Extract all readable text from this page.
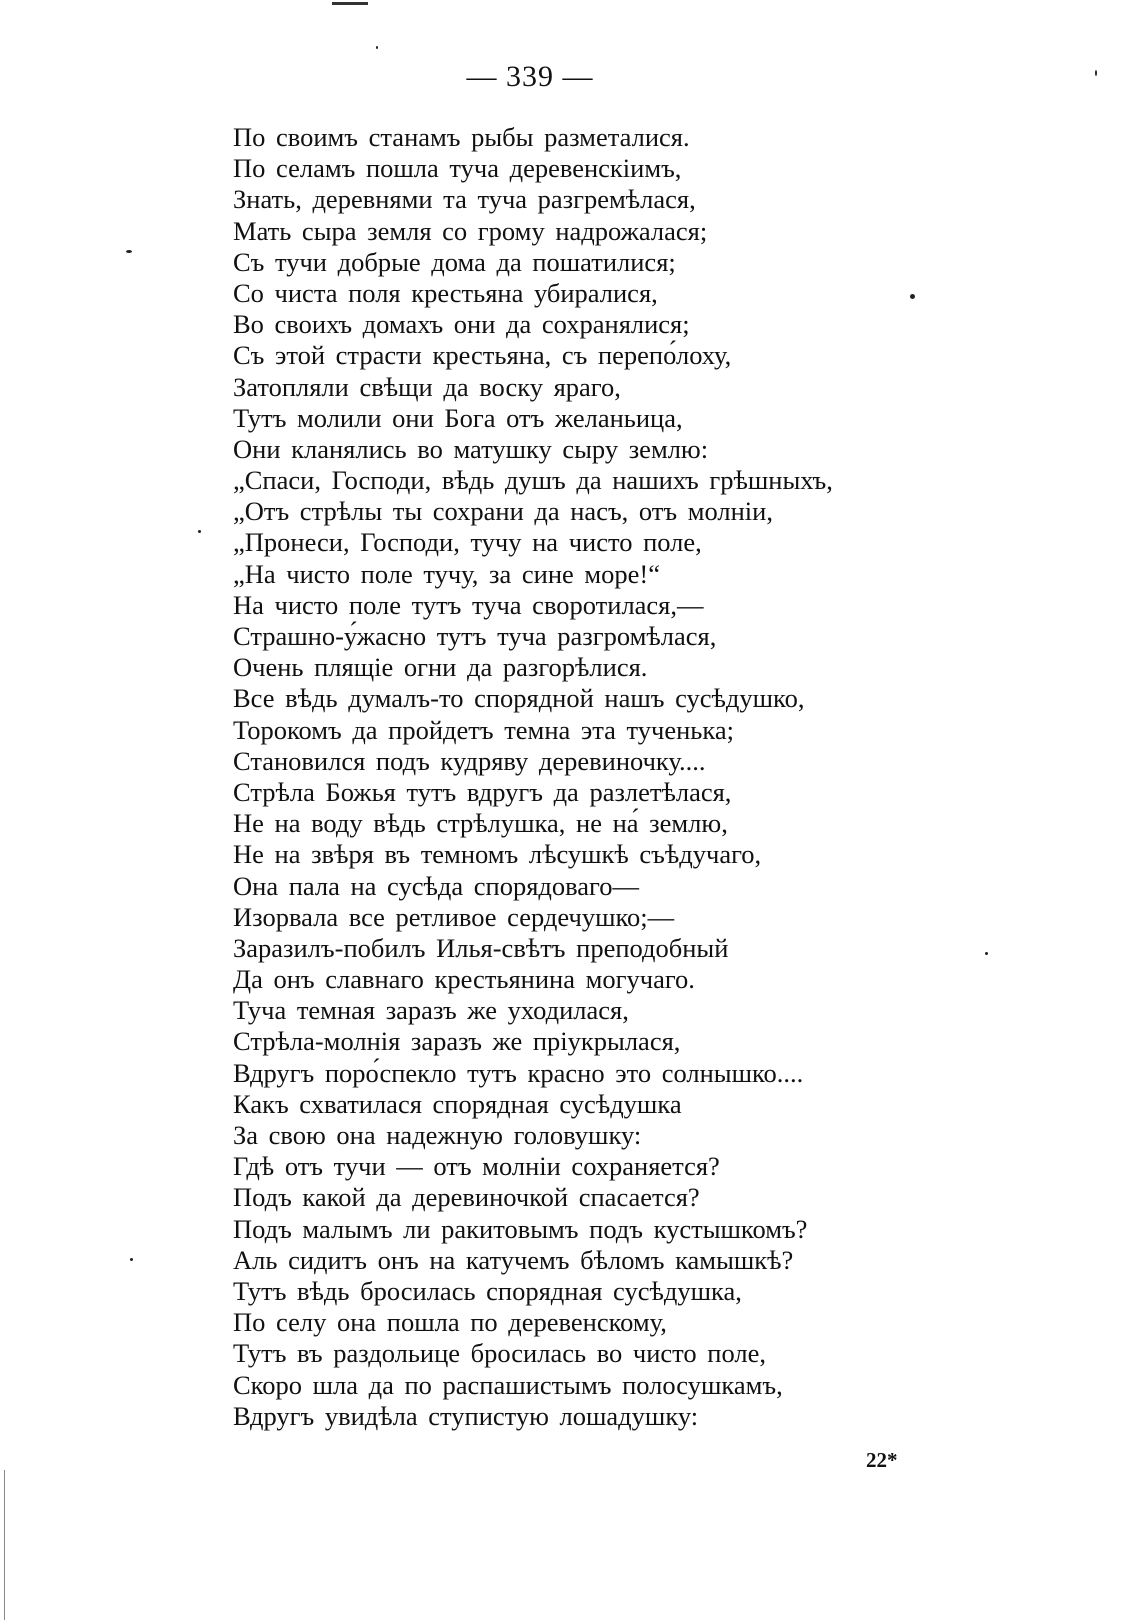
— 339 —
По своимъ станамъ рыбы разметалися.
По селамъ пошла туча деревенскіимъ,
Знать, деревнями та туча разгремѣлася,
Мать сыра земля со грому надрожалася;
Съ тучи добрые дома да пошатилися;
Со чиста поля крестьяна убиралися,
Во своихъ домахъ они да сохранялися;
Съ этой страсти крестьяна, съ перепо́лоху,
Затопляли свѣщи да воску яраго,
Тутъ молили они Бога отъ желаньица,
Они кланялись во матушку сыру землю:
„Спаси, Господи, вѣдь душъ да нашихъ грѣшныхъ,
„Отъ стрѣлы ты сохрани да насъ, отъ молніи,
„Пронеси, Господи, тучу на чисто поле,
„На чисто поле тучу, за сине море!“
На чисто поле тутъ туча своротилася,—
Страшно-у́жасно тутъ туча разгромѣлася,
Очень плящіе огни да разгорѣлися.
Все вѣдь думалъ-то спорядной нашъ сусѣдушко,
Торокомъ да пройдетъ темна эта тученька;
Становился подъ кудряву деревиночку....
Стрѣла Божья тутъ вдругъ да разлетѣлася,
Не на воду вѣдь стрѣлушка, не на́ землю,
Не на звѣря въ темномъ лѣсушкѣ съѣдучаго,
Она пала на сусѣда спорядоваго—
Изорвала все ретливое сердечушко;—
Заразилъ-побилъ Илья-свѣтъ преподобный
Да онъ славнаго крестьянина могучаго.
Туча темная заразъ же уходилася,
Стрѣла-молнія заразъ же пріукрылася,
Вдругъ поро́спекло тутъ красно это солнышко....
Какъ схватилася спорядная сусѣдушка
За свою она надежную головушку:
Гдѣ отъ тучи — отъ молніи сохраняется?
Подъ какой да деревиночкой спасается?
Подъ малымъ ли ракитовымъ подъ кустышкомъ?
Аль сидитъ онъ на катучемъ бѣломъ камышкѣ?
Тутъ вѣдь бросилась спорядная сусѣдушка,
По селу она пошла по деревенскому,
Тутъ въ раздольице бросилась во чисто поле,
Скоро шла да по распашистымъ полосушкамъ,
Вдругъ увидѣла ступистую лошадушку:
22*
